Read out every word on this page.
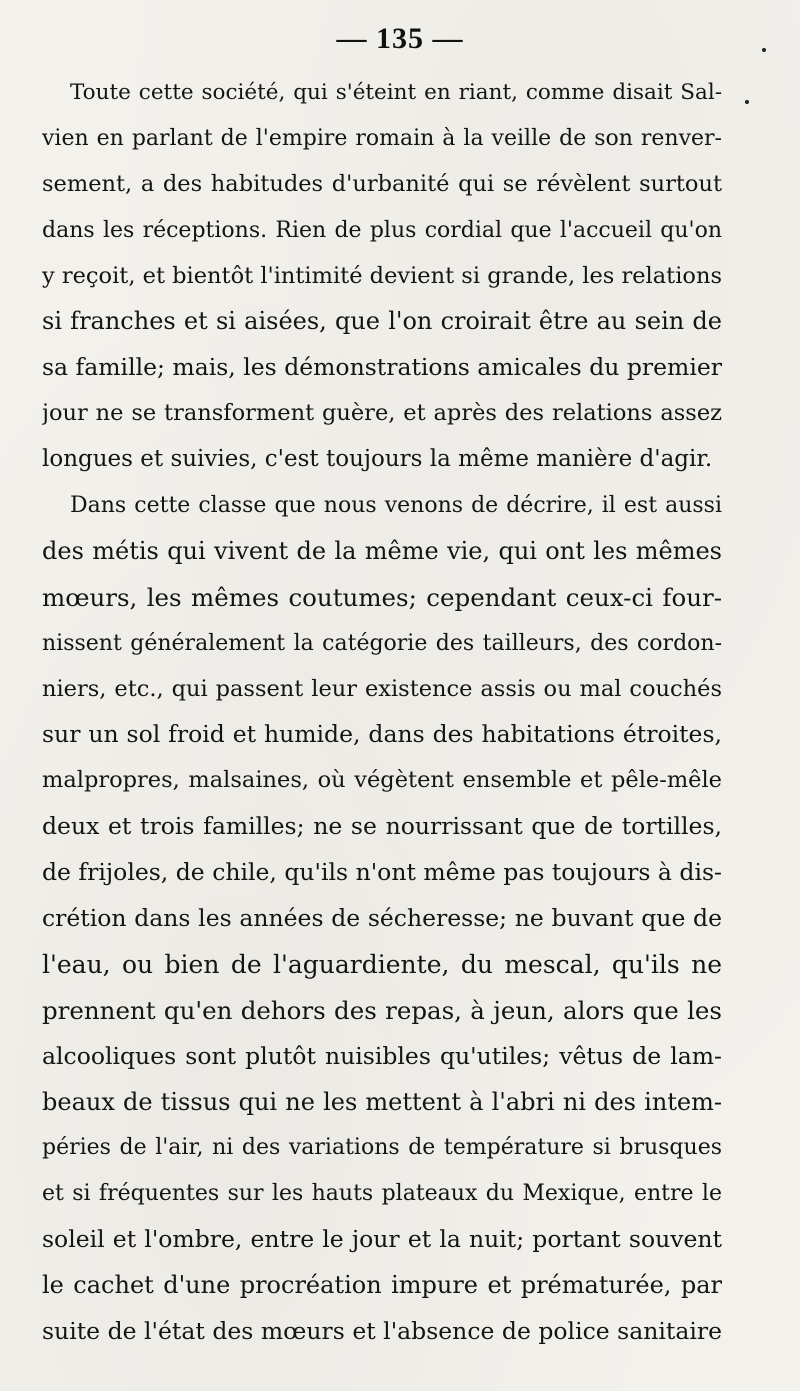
— 135 —
Toute cette société, qui s'éteint en riant, comme disait Sal-
vien en parlant de l'empire romain à la veille de son renver-
sement, a des habitudes d'urbanité qui se révèlent surtout
dans les réceptions. Rien de plus cordial que l'accueil qu'on
y reçoit, et bientôt l'intimité devient si grande, les relations
si franches et si aisées, que l'on croirait être au sein de
sa famille; mais, les démonstrations amicales du premier
jour ne se transforment guère, et après des relations assez
longues et suivies, c'est toujours la même manière d'agir.
Dans cette classe que nous venons de décrire, il est aussi
des métis qui vivent de la même vie, qui ont les mêmes
mœurs, les mêmes coutumes; cependant ceux-ci four-
nissent généralement la catégorie des tailleurs, des cordon-
niers, etc., qui passent leur existence assis ou mal couchés
sur un sol froid et humide, dans des habitations étroites,
malpropres, malsaines, où végètent ensemble et pêle-mêle
deux et trois familles; ne se nourrissant que de tortilles,
de frijoles, de chile, qu'ils n'ont même pas toujours à dis-
crétion dans les années de sécheresse; ne buvant que de
l'eau, ou bien de l'aguardiente, du mescal, qu'ils ne
prennent qu'en dehors des repas, à jeun, alors que les
alcooliques sont plutôt nuisibles qu'utiles; vêtus de lam-
beaux de tissus qui ne les mettent à l'abri ni des intem-
péries de l'air, ni des variations de température si brusques
et si fréquentes sur les hauts plateaux du Mexique, entre le
soleil et l'ombre, entre le jour et la nuit; portant souvent
le cachet d'une procréation impure et prématurée, par
suite de l'état des mœurs et l'absence de police sanitaire
